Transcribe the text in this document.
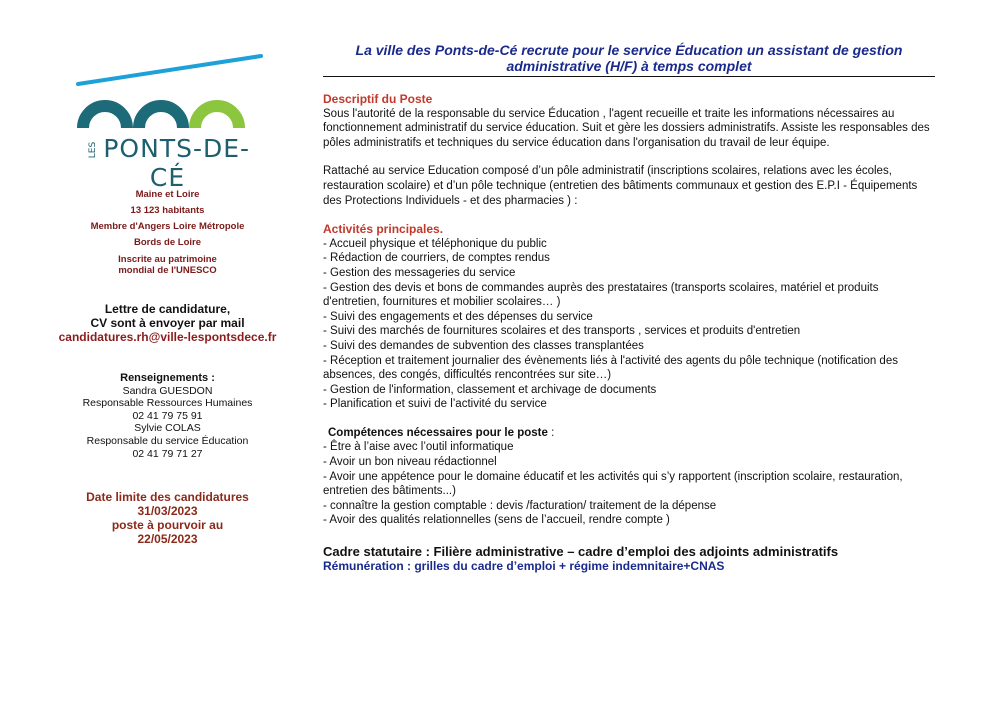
LES PONTS-DE-CÉ
Maine et Loire
13 123 habitants
Membre d'Angers Loire Métropole
Bords de Loire
Inscrite au patrimoine
mondial de l'UNESCO
Lettre de candidature,
CV sont à envoyer par mail
candidatures.rh@ville-lespontsdece.fr
Renseignements :
Sandra GUESDON
Responsable Ressources Humaines
02 41 79 75 91
Sylvie COLAS
Responsable du service Éducation
02 41 79 71 27
Date limite des candidatures
31/03/2023
poste à pourvoir au
22/05/2023
La ville des Ponts-de-Cé recrute pour le service Éducation un assistant de gestion administrative (H/F) à temps complet
Descriptif du Poste

Sous l'autorité de la responsable du service Éducation , l'agent recueille et traite les informations nécessaires au fonctionnement administratif du service éducation. Suit et gère les dossiers administratifs. Assiste les responsables des pôles administratifs et techniques du service éducation dans l'organisation du travail de leur équipe.

Rattaché au service Education composé d’un pôle administratif (inscriptions scolaires, relations avec les écoles, restauration scolaire) et d’un pôle technique (entretien des bâtiments communaux et gestion des E.P.I - Équipements des Protections Individuels - et des pharmacies ) :

Activités principales.
- Accueil physique et téléphonique du public
- Rédaction de courriers, de comptes rendus
- Gestion des messageries du service
- Gestion des devis et bons de commandes auprès des prestataires (transports scolaires, matériel et produits d'entretien, fournitures et mobilier scolaires… )
- Suivi des engagements et des dépenses du service
- Suivi des marchés de fournitures scolaires et des transports , services et produits d'entretien
- Suivi des demandes de subvention des classes transplantées
- Réception et traitement journalier des évènements liés à l'activité des agents du pôle technique (notification des absences, des congés, difficultés rencontrées sur site…)
- Gestion de l'information, classement et archivage de documents
- Planification et suivi de l’activité du service
Compétences nécessaires pour le poste :
- Être à l’aise avec l’outil informatique
- Avoir un bon niveau rédactionnel
- Avoir une appétence pour le domaine éducatif et les activités qui s’y rapportent (inscription scolaire, restauration, entretien des bâtiments...)
- connaître la gestion comptable : devis /facturation/ traitement de la dépense
- Avoir des qualités relationnelles (sens de l’accueil, rendre compte )
Cadre statutaire : Filière administrative – cadre d’emploi des adjoints administratifs
Rémunération : grilles du cadre d’emploi + régime indemnitaire+CNAS
